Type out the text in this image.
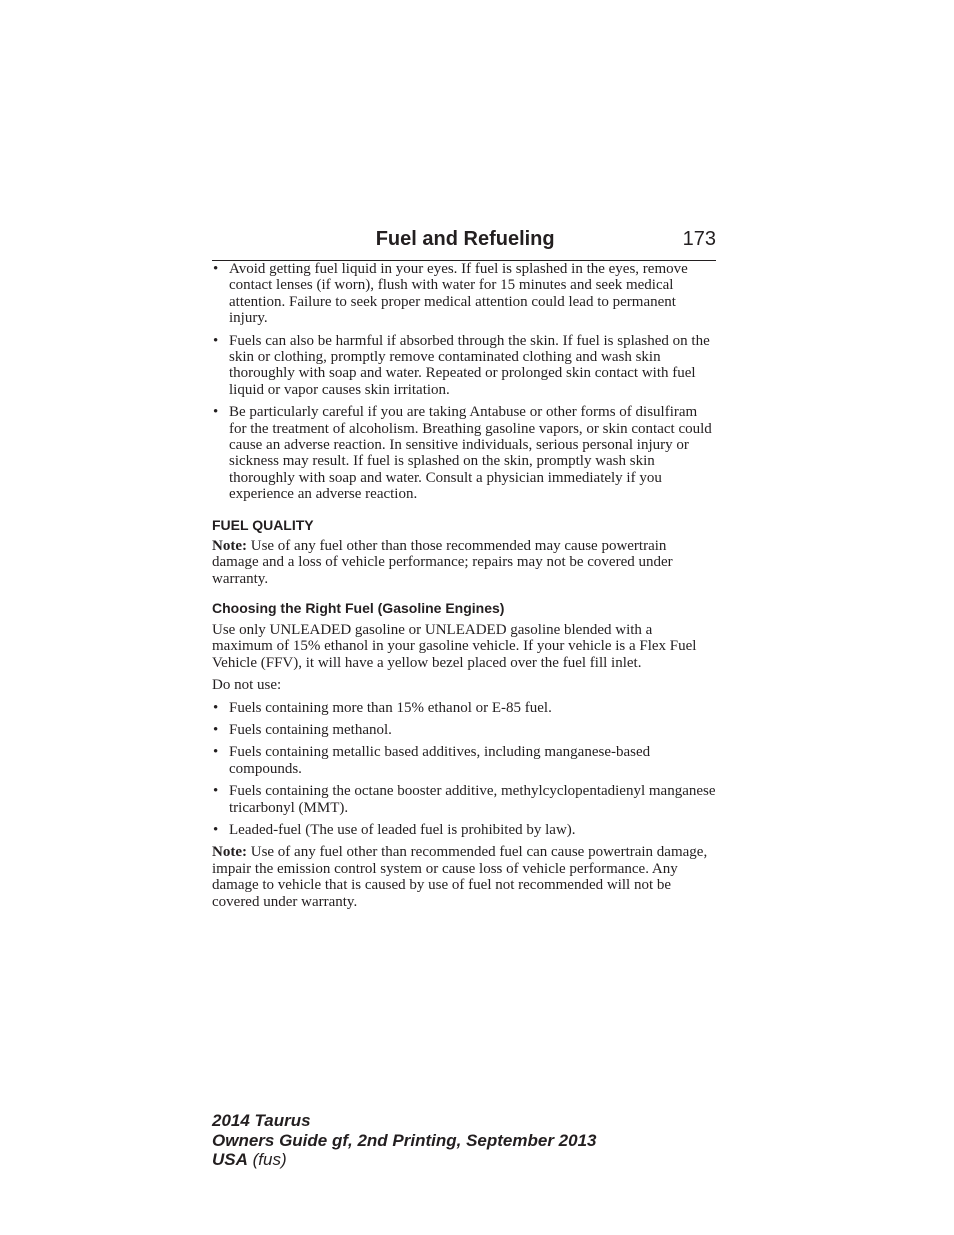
Fuel and Refueling	173
• Avoid getting fuel liquid in your eyes. If fuel is splashed in the eyes, remove contact lenses (if worn), flush with water for 15 minutes and seek medical attention. Failure to seek proper medical attention could lead to permanent injury.
• Fuels can also be harmful if absorbed through the skin. If fuel is splashed on the skin or clothing, promptly remove contaminated clothing and wash skin thoroughly with soap and water. Repeated or prolonged skin contact with fuel liquid or vapor causes skin irritation.
• Be particularly careful if you are taking Antabuse or other forms of disulfiram for the treatment of alcoholism. Breathing gasoline vapors, or skin contact could cause an adverse reaction. In sensitive individuals, serious personal injury or sickness may result. If fuel is splashed on the skin, promptly wash skin thoroughly with soap and water. Consult a physician immediately if you experience an adverse reaction.
FUEL QUALITY

Note: Use of any fuel other than those recommended may cause powertrain damage and a loss of vehicle performance; repairs may not be covered under warranty.

Choosing the Right Fuel (Gasoline Engines)

Use only UNLEADED gasoline or UNLEADED gasoline blended with a maximum of 15% ethanol in your gasoline vehicle. If your vehicle is a Flex Fuel Vehicle (FFV), it will have a yellow bezel placed over the fuel fill inlet.

Do not use:

• Fuels containing more than 15% ethanol or E-85 fuel.
• Fuels containing methanol.
• Fuels containing metallic based additives, including manganese-based compounds.
• Fuels containing the octane booster additive, methylcyclopentadienyl manganese tricarbonyl (MMT).
• Leaded-fuel (The use of leaded fuel is prohibited by law).

Note: Use of any fuel other than recommended fuel can cause powertrain damage, impair the emission control system or cause loss of vehicle performance. Any damage to vehicle that is caused by use of fuel not recommended will not be covered under warranty.

2014 Taurus
Owners Guide gf, 2nd Printing, September 2013
USA (fus)
